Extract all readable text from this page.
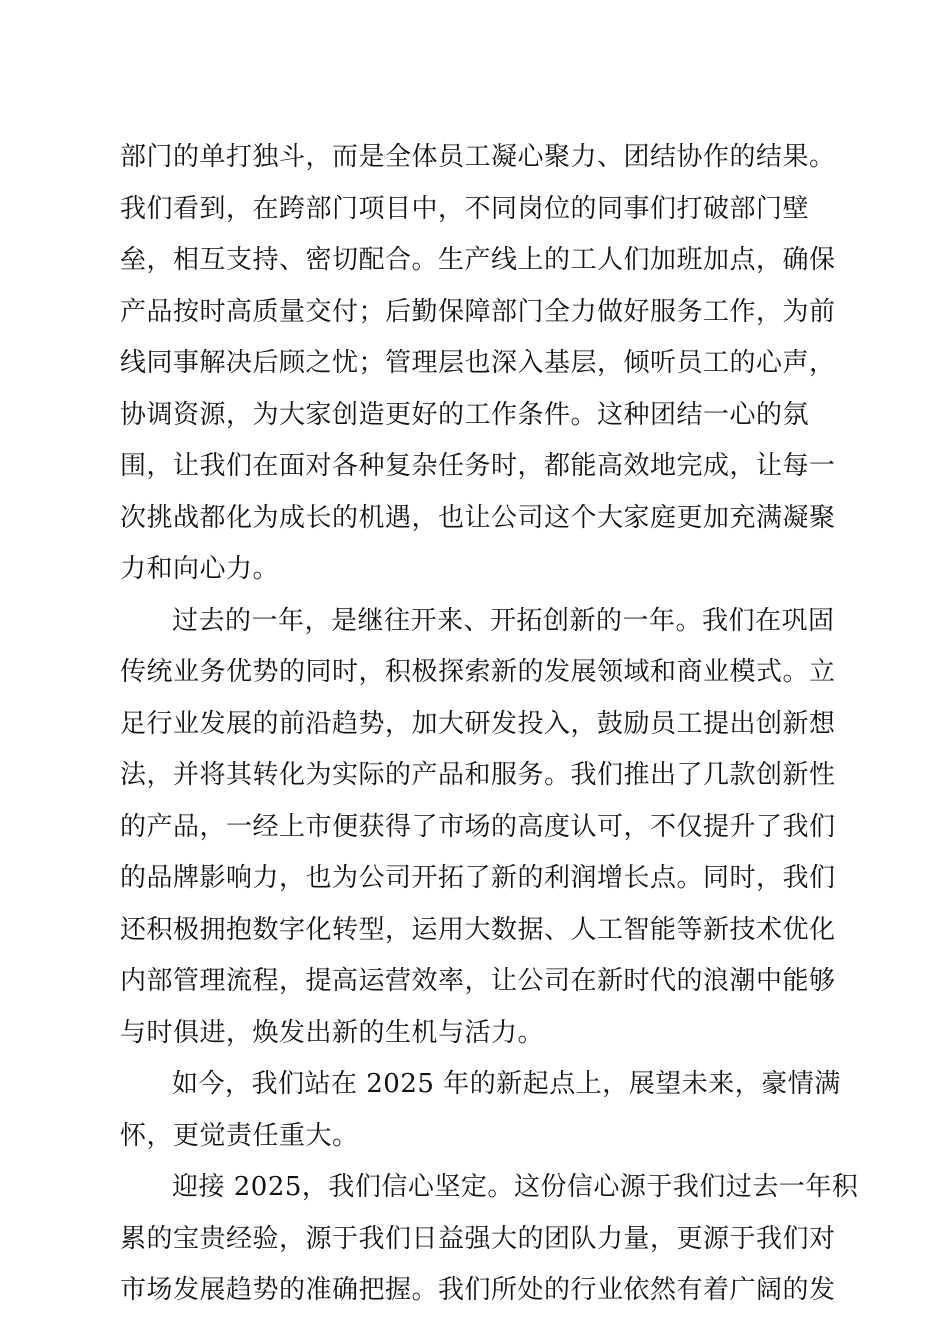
部门的单打独斗，而是全体员工凝心聚力、团结协作的结果。
我们看到，在跨部门项目中，不同岗位的同事们打破部门壁
垒，相互支持、密切配合。生产线上的工人们加班加点，确保
产品按时高质量交付；后勤保障部门全力做好服务工作，为前
线同事解决后顾之忧；管理层也深入基层，倾听员工的心声，
协调资源，为大家创造更好的工作条件。这种团结一心的氛
围，让我们在面对各种复杂任务时，都能高效地完成，让每一
次挑战都化为成长的机遇，也让公司这个大家庭更加充满凝聚
力和向心力。
过去的一年，是继往开来、开拓创新的一年。我们在巩固
传统业务优势的同时，积极探索新的发展领域和商业模式。立
足行业发展的前沿趋势，加大研发投入，鼓励员工提出创新想
法，并将其转化为实际的产品和服务。我们推出了几款创新性
的产品，一经上市便获得了市场的高度认可，不仅提升了我们
的品牌影响力，也为公司开拓了新的利润增长点。同时，我们
还积极拥抱数字化转型，运用大数据、人工智能等新技术优化
内部管理流程，提高运营效率，让公司在新时代的浪潮中能够
与时俱进，焕发出新的生机与活力。
如今，我们站在 2025 年的新起点上，展望未来，豪情满
怀，更觉责任重大。
迎接 2025，我们信心坚定。这份信心源于我们过去一年积
累的宝贵经验，源于我们日益强大的团队力量，更源于我们对
市场发展趋势的准确把握。我们所处的行业依然有着广阔的发
